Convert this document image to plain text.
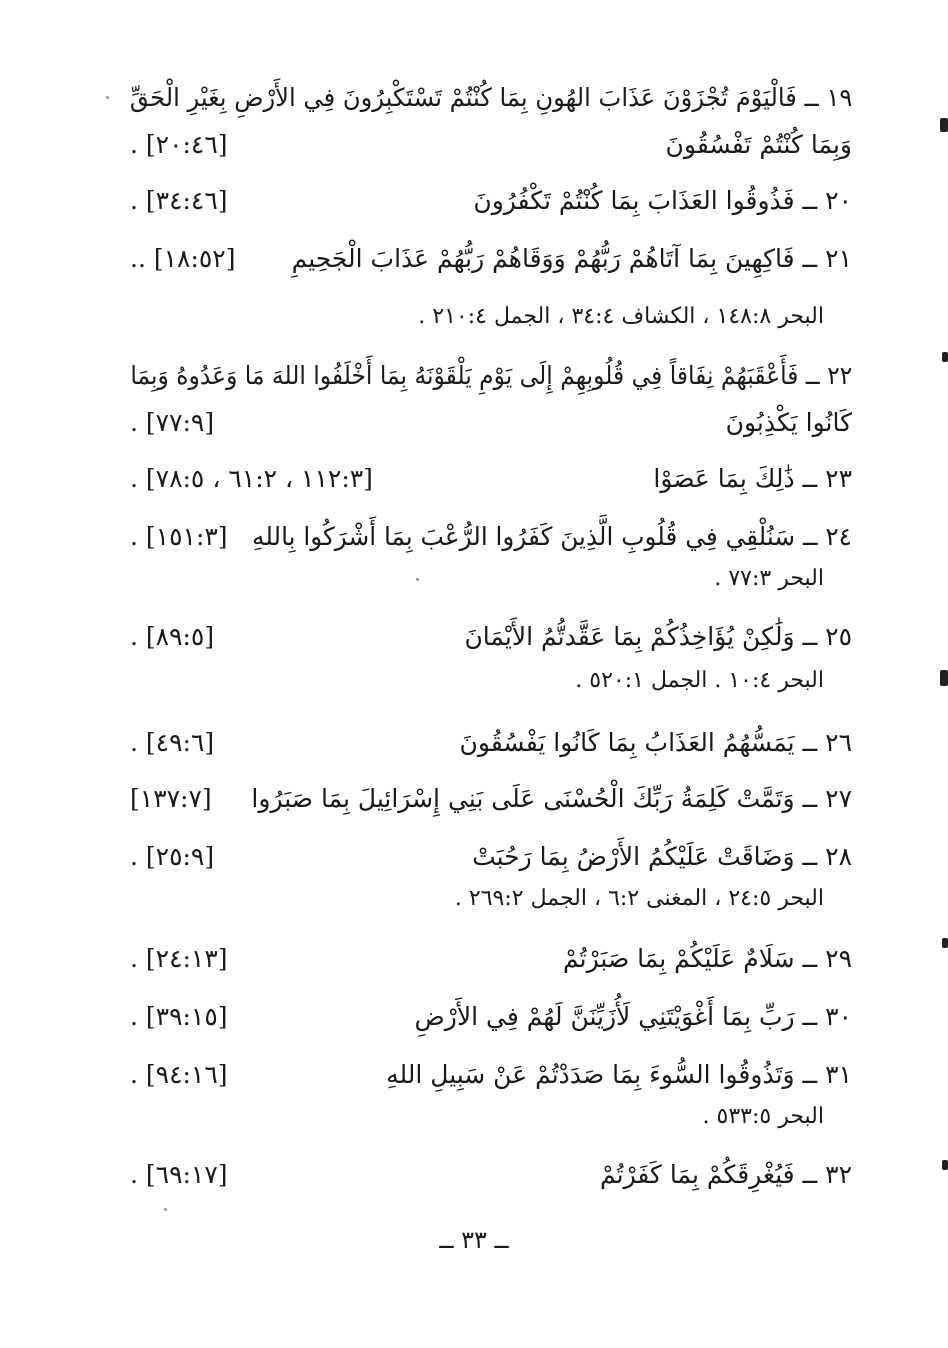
١٩ ــ فَالْيَوْمَ تُجْزَوْنَ عَذَابَ الهُونِ بِمَا كُنْتُمْ تَسْتَكْبِرُونَ فِي الأَرْضِ بِغَيْرِ الْحَقِّ
وَبِمَا كُنْتُمْ تَفْسُقُونَ
[٢٠:٤٦] .
٢٠ ــ فَذُوقُوا العَذَابَ بِمَا كُنْتُمْ تَكْفُرُونَ
[٣٤:٤٦] .
٢١ ــ فَاكِهِينَ بِمَا آتَاهُمْ رَبُّهُمْ وَوَقَاهُمْ رَبُّهُمْ عَذَابَ الْجَحِيمِ
[١٨:٥٢] ..
البحر ١٤٨:٨ ، الكشاف ٣٤:٤ ، الجمل ٢١٠:٤ .
٢٢ ــ فَأَعْقَبَهُمْ نِفَاقاً فِي قُلُوبِهِمْ إِلَى يَوْمِ يَلْقَوْنَهُ بِمَا أَخْلَفُوا اللهَ مَا وَعَدُوهُ وَبِمَا
كَانُوا يَكْذِبُونَ
[٧٧:٩] .
٢٣ ــ ذَٰلِكَ بِمَا عَصَوْا
[١١٢:٣ ، ٦١:٢ ، ٧٨:٥] .
٢٤ ــ سَنُلْقِي فِي قُلُوبِ الَّذِينَ كَفَرُوا الرُّعْبَ بِمَا أَشْرَكُوا بِاللهِ
[١٥١:٣] .
البحر ٧٧:٣ .
٢٥ ــ وَلَٰكِنْ يُؤَاخِذُكُمْ بِمَا عَقَّدتُّمُ الأَيْمَانَ
[٨٩:٥] .
البحر ١٠:٤ . الجمل ٥٢٠:١ .
٢٦ ــ يَمَسُّهُمُ العَذَابُ بِمَا كَانُوا يَفْسُقُونَ
[٤٩:٦] .
٢٧ ــ وَتَمَّتْ كَلِمَةُ رَبِّكَ الْحُسْنَى عَلَى بَنِي إِسْرَائِيلَ بِمَا صَبَرُوا
[١٣٧:٧]
٢٨ ــ وَضَاقَتْ عَلَيْكُمُ الأَرْضُ بِمَا رَحُبَتْ
[٢٥:٩] .
البحر ٢٤:٥ ، المغنى ٦:٢ ، الجمل ٢٦٩:٢ .
٢٩ ــ سَلَامٌ عَلَيْكُمْ بِمَا صَبَرْتُمْ
[٢٤:١٣] .
٣٠ ــ رَبِّ بِمَا أَغْوَيْتَنِي لَأُزَيِّنَنَّ لَهُمْ فِي الأَرْضِ
[٣٩:١٥] .
٣١ ــ وَتَذُوقُوا السُّوءَ بِمَا صَدَدْتُمْ عَنْ سَبِيلِ اللهِ
[٩٤:١٦] .
البحر ٥٣٣:٥ .
٣٢ ــ فَيُغْرِقَكُمْ بِمَا كَفَرْتُمْ
[٦٩:١٧] .
ــ ٣٣ ــ
